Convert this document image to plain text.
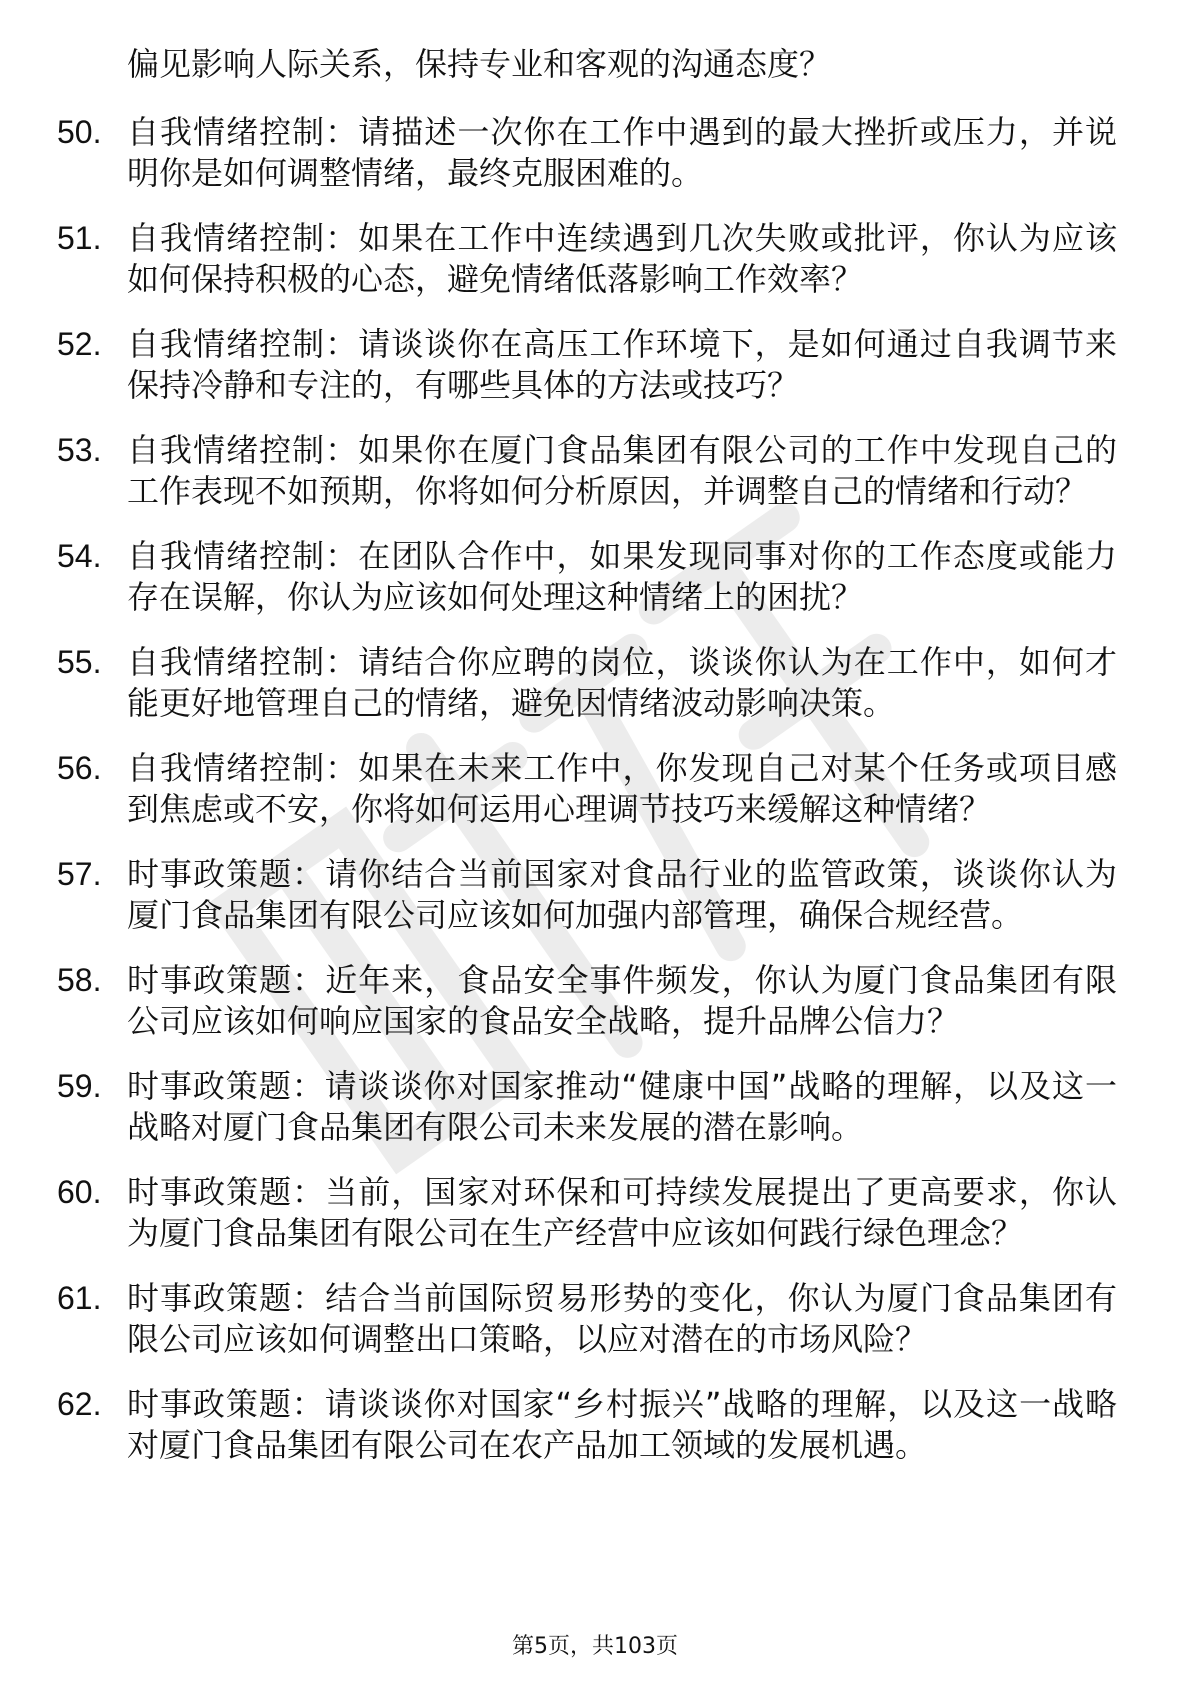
偏见影响人际关系，保持专业和客观的沟通态度？
50. 自我情绪控制：请描述一次你在工作中遇到的最大挫折或压力，并说明你是如何调整情绪，最终克服困难的。
51. 自我情绪控制：如果在工作中连续遇到几次失败或批评，你认为应该如何保持积极的心态，避免情绪低落影响工作效率？
52. 自我情绪控制：请谈谈你在高压工作环境下，是如何通过自我调节来保持冷静和专注的，有哪些具体的方法或技巧？
53. 自我情绪控制：如果你在厦门食品集团有限公司的工作中发现自己的工作表现不如预期，你将如何分析原因，并调整自己的情绪和行动？
54. 自我情绪控制：在团队合作中，如果发现同事对你的工作态度或能力存在误解，你认为应该如何处理这种情绪上的困扰？
55. 自我情绪控制：请结合你应聘的岗位，谈谈你认为在工作中，如何才能更好地管理自己的情绪，避免因情绪波动影响决策。
56. 自我情绪控制：如果在未来工作中，你发现自己对某个任务或项目感到焦虑或不安，你将如何运用心理调节技巧来缓解这种情绪？
57. 时事政策题：请你结合当前国家对食品行业的监管政策，谈谈你认为厦门食品集团有限公司应该如何加强内部管理，确保合规经营。
58. 时事政策题：近年来，食品安全事件频发，你认为厦门食品集团有限公司应该如何响应国家的食品安全战略，提升品牌公信力？
59. 时事政策题：请谈谈你对国家推动“健康中国”战略的理解，以及这一战略对厦门食品集团有限公司未来发展的潜在影响。
60. 时事政策题：当前，国家对环保和可持续发展提出了更高要求，你认为厦门食品集团有限公司在生产经营中应该如何践行绿色理念？
61. 时事政策题：结合当前国际贸易形势的变化，你认为厦门食品集团有限公司应该如何调整出口策略，以应对潜在的市场风险？
62. 时事政策题：请谈谈你对国家“乡村振兴”战略的理解，以及这一战略对厦门食品集团有限公司在农产品加工领域的发展机遇。
第5页，共103页
